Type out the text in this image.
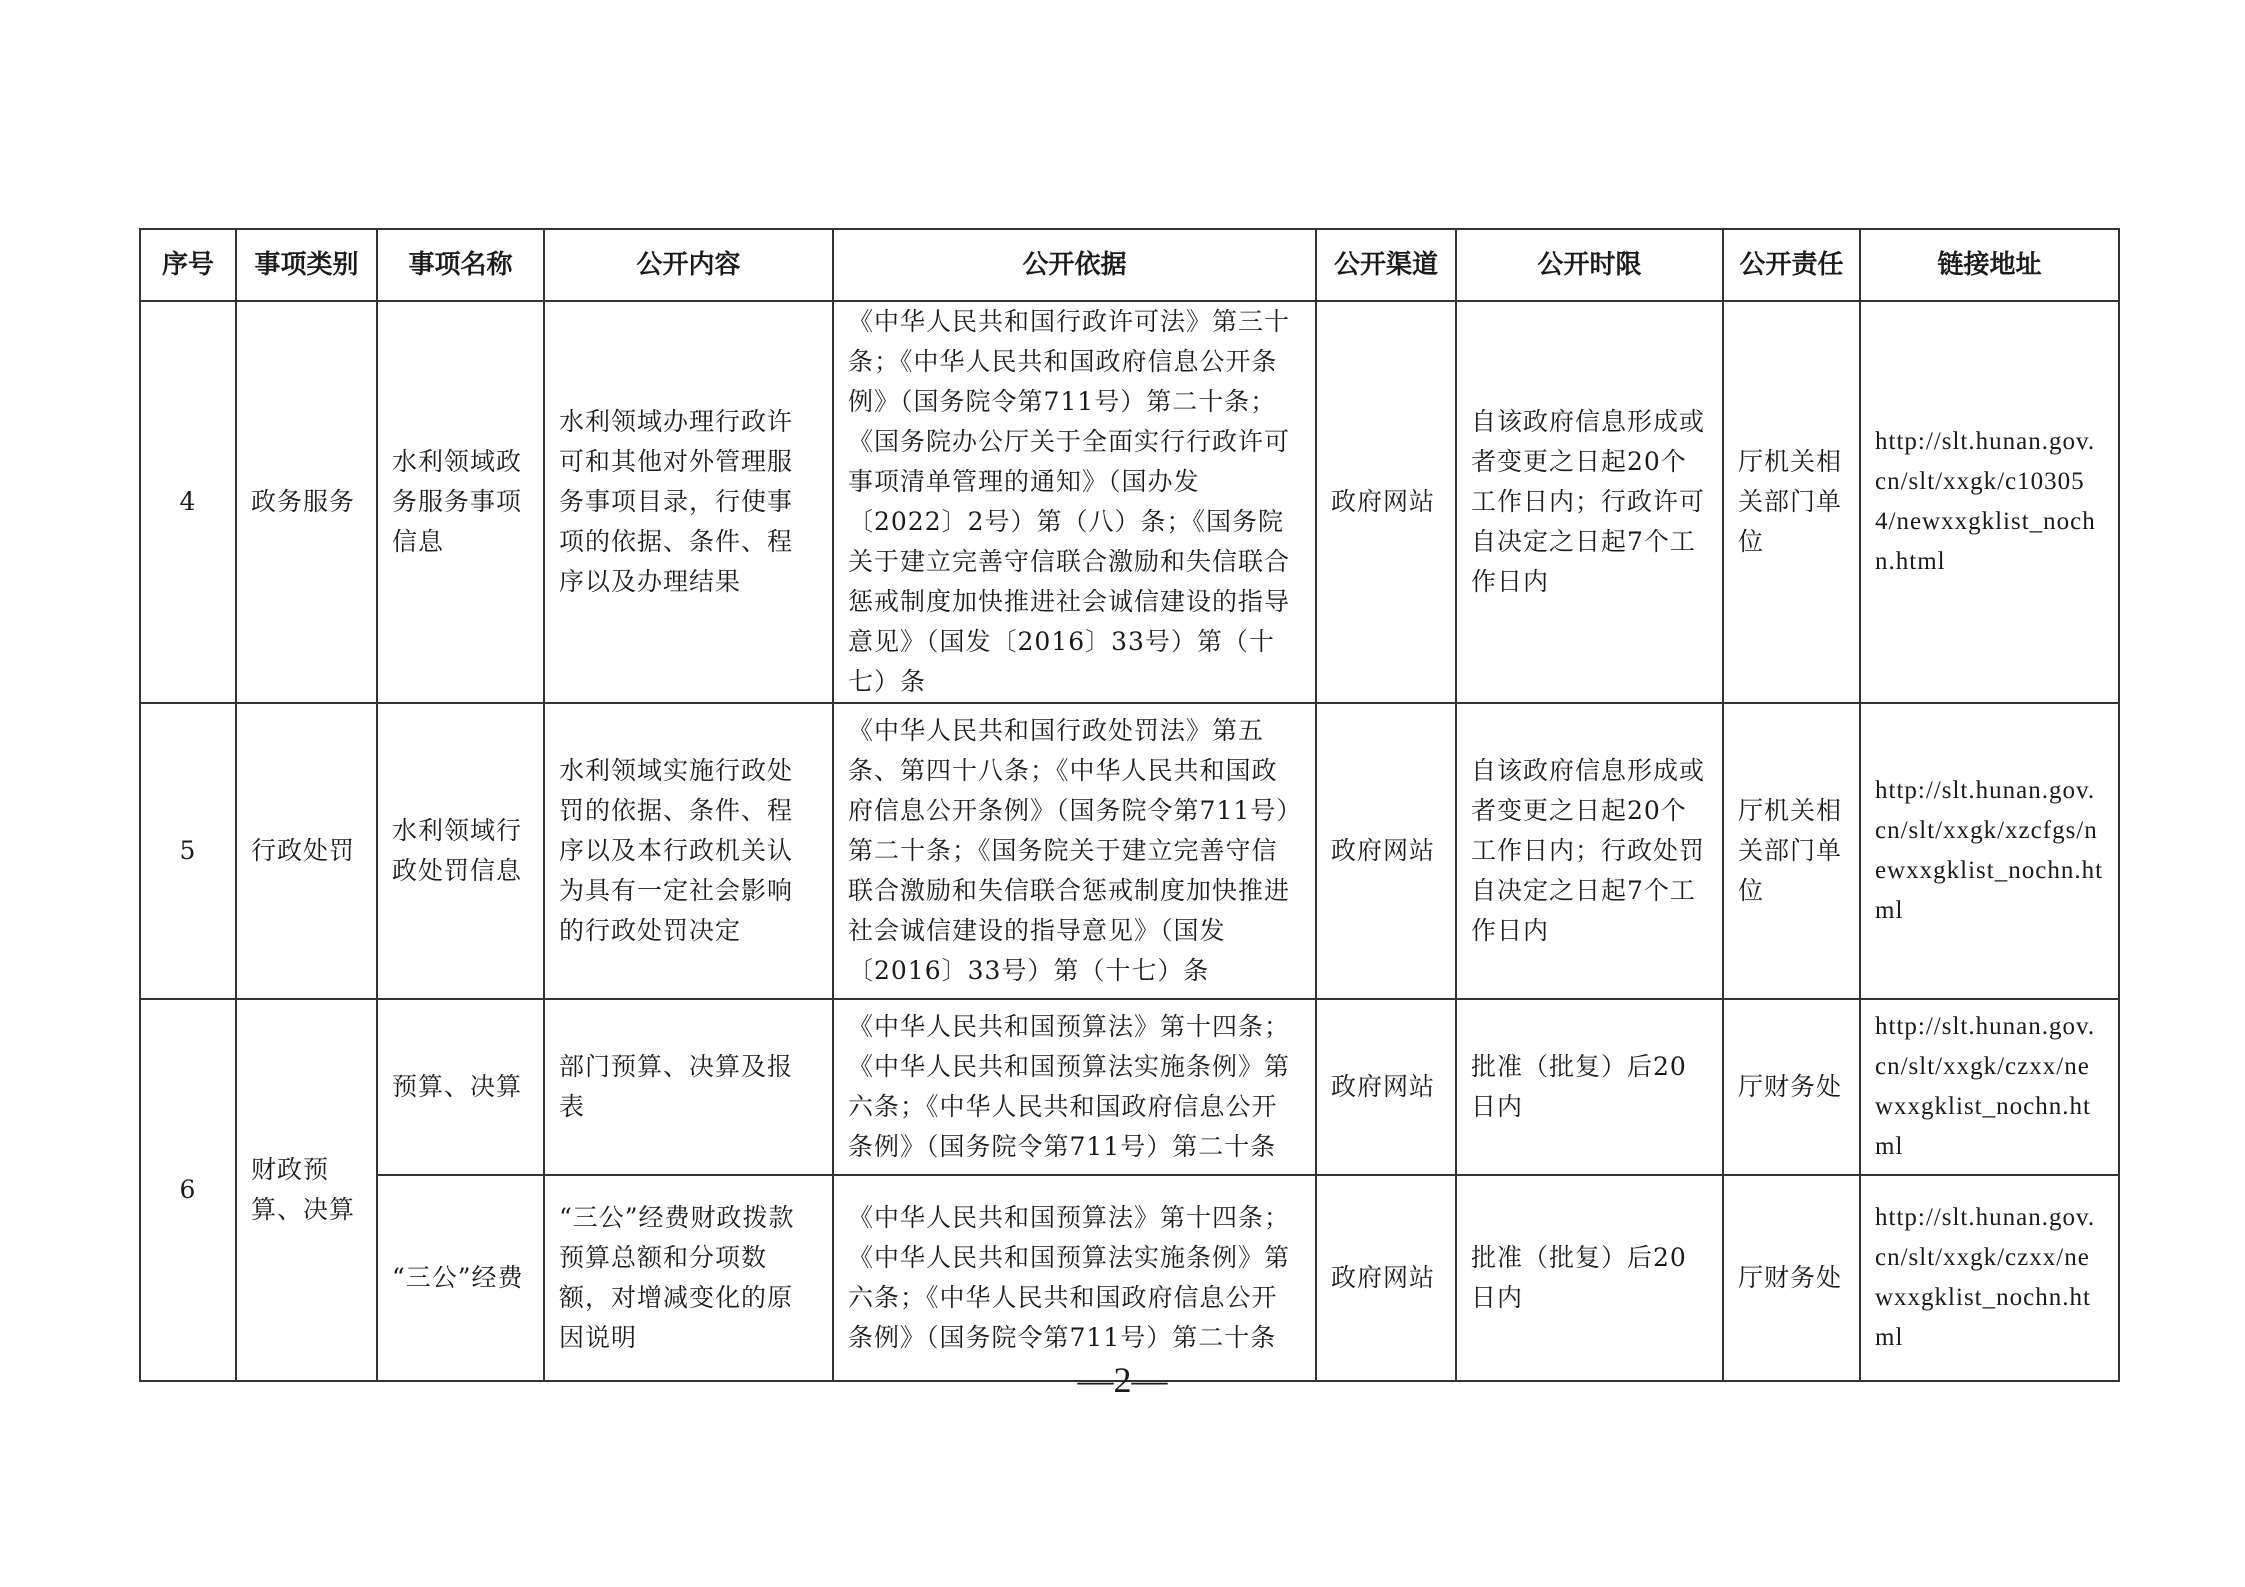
序号	事项类别	事项名称	公开内容	公开依据	公开渠道	公开时限	公开责任	链接地址
4	政务服务	水利领域政务服务事项信息	水利领域办理行政许可和其他对外管理服务事项目录，行使事项的依据、条件、程序以及办理结果	《中华人民共和国行政许可法》第三十条；《中华人民共和国政府信息公开条例》（国务院令第711号）第二十条；《国务院办公厅关于全面实行行政许可事项清单管理的通知》（国办发〔2022〕2号）第（八）条；《国务院关于建立完善守信联合激励和失信联合惩戒制度加快推进社会诚信建设的指导意见》（国发〔2016〕33号）第（十七）条	政府网站	自该政府信息形成或者变更之日起20个工作日内；行政许可自决定之日起7个工作日内	厅机关相关部门单位	http://slt.hunan.gov.cn/slt/xxgk/c103054/newxxgklist_nochn.html
5	行政处罚	水利领域行政处罚信息	水利领域实施行政处罚的依据、条件、程序以及本行政机关认为具有一定社会影响的行政处罚决定	《中华人民共和国行政处罚法》第五条、第四十八条；《中华人民共和国政府信息公开条例》（国务院令第711号）第二十条；《国务院关于建立完善守信联合激励和失信联合惩戒制度加快推进社会诚信建设的指导意见》（国发〔2016〕33号）第（十七）条	政府网站	自该政府信息形成或者变更之日起20个工作日内；行政处罚自决定之日起7个工作日内	厅机关相关部门单位	http://slt.hunan.gov.cn/slt/xxgk/xzcfgs/newxxgklist_nochn.html
6	财政预算、决算	预算、决算	部门预算、决算及报表	《中华人民共和国预算法》第十四条；《中华人民共和国预算法实施条例》第六条；《中华人民共和国政府信息公开条例》（国务院令第711号）第二十条	政府网站	批准（批复）后20日内	厅财务处	http://slt.hunan.gov.cn/slt/xxgk/czxx/newxxgklist_nochn.html
		“三公”经费	“三公”经费财政拨款预算总额和分项数额，对增减变化的原因说明	《中华人民共和国预算法》第十四条；《中华人民共和国预算法实施条例》第六条；《中华人民共和国政府信息公开条例》（国务院令第711号）第二十条	政府网站	批准（批复）后20日内	厅财务处	http://slt.hunan.gov.cn/slt/xxgk/czxx/newxxgklist_nochn.html
—2—
